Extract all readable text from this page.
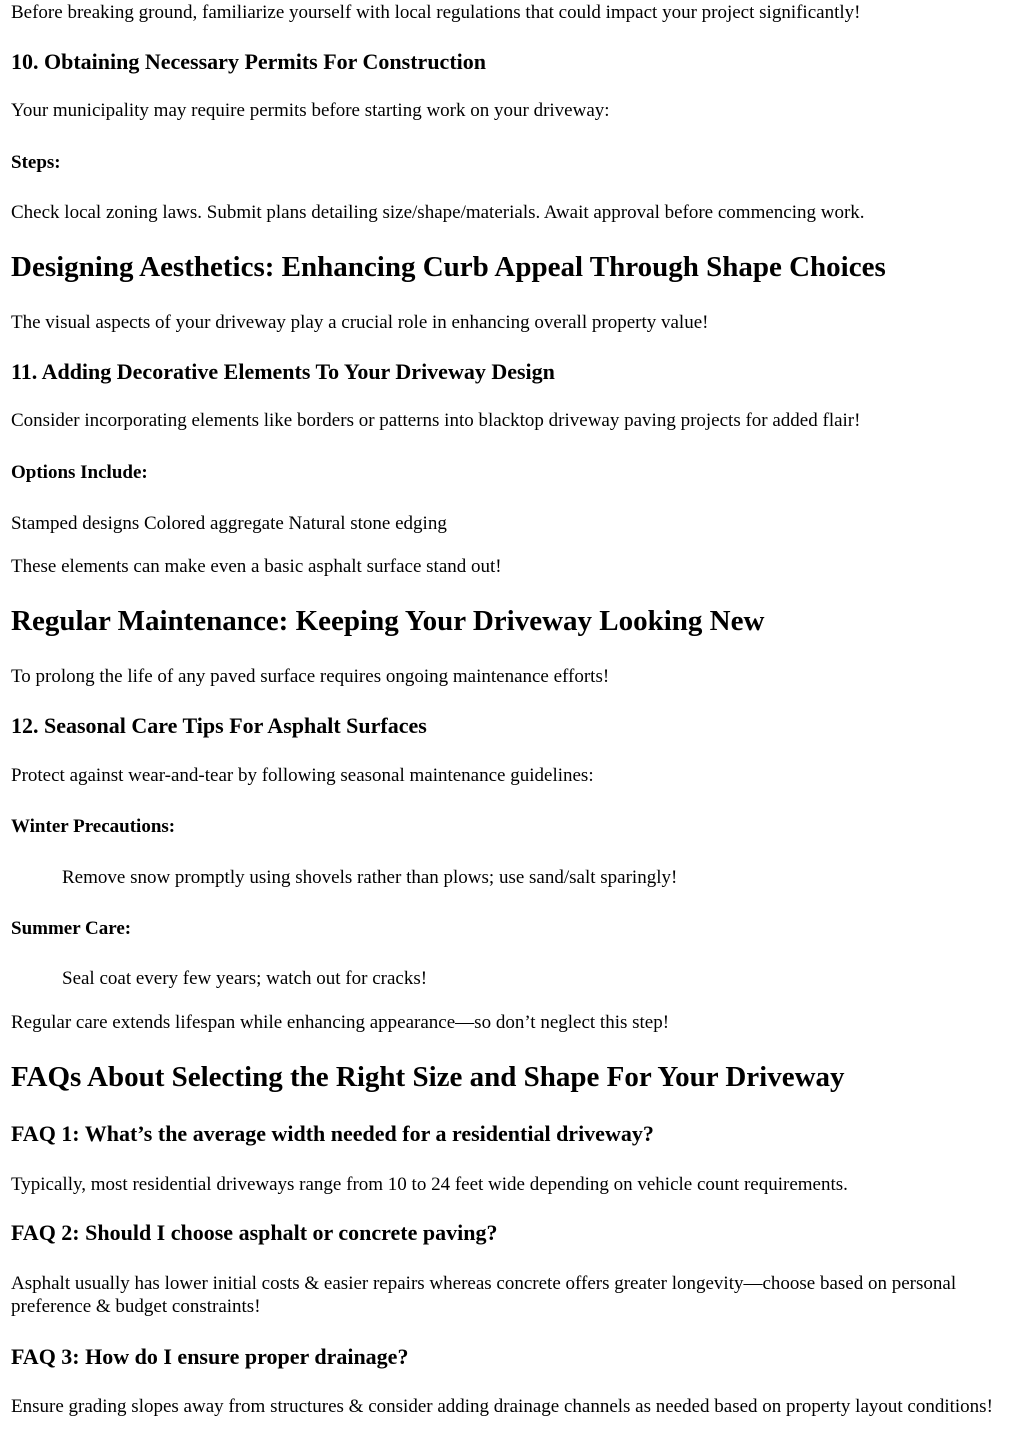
Before breaking ground, familiarize yourself with local regulations that could impact your project significantly!

10. Obtaining Necessary Permits For Construction

Your municipality may require permits before starting work on your driveway:

Steps:

Check local zoning laws. Submit plans detailing size/shape/materials. Await approval before commencing work.

Designing Aesthetics: Enhancing Curb Appeal Through Shape Choices

The visual aspects of your driveway play a crucial role in enhancing overall property value!

11. Adding Decorative Elements To Your Driveway Design

Consider incorporating elements like borders or patterns into blacktop driveway paving projects for added flair!

Options Include:

Stamped designs Colored aggregate Natural stone edging

These elements can make even a basic asphalt surface stand out!

Regular Maintenance: Keeping Your Driveway Looking New

To prolong the life of any paved surface requires ongoing maintenance efforts!

12. Seasonal Care Tips For Asphalt Surfaces

Protect against wear-and-tear by following seasonal maintenance guidelines:

Winter Precautions:

Remove snow promptly using shovels rather than plows; use sand/salt sparingly!

Summer Care:

Seal coat every few years; watch out for cracks!

Regular care extends lifespan while enhancing appearance—so don’t neglect this step!

FAQs About Selecting the Right Size and Shape For Your Driveway
FAQ 1: What’s the average width needed for a residential driveway?

Typically, most residential driveways range from 10 to 24 feet wide depending on vehicle count requirements.

FAQ 2: Should I choose asphalt or concrete paving?

Asphalt usually has lower initial costs & easier repairs whereas concrete offers greater longevity—choose based on personal preference & budget constraints!

FAQ 3: How do I ensure proper drainage?

Ensure grading slopes away from structures & consider adding drainage channels as needed based on property layout conditions!
